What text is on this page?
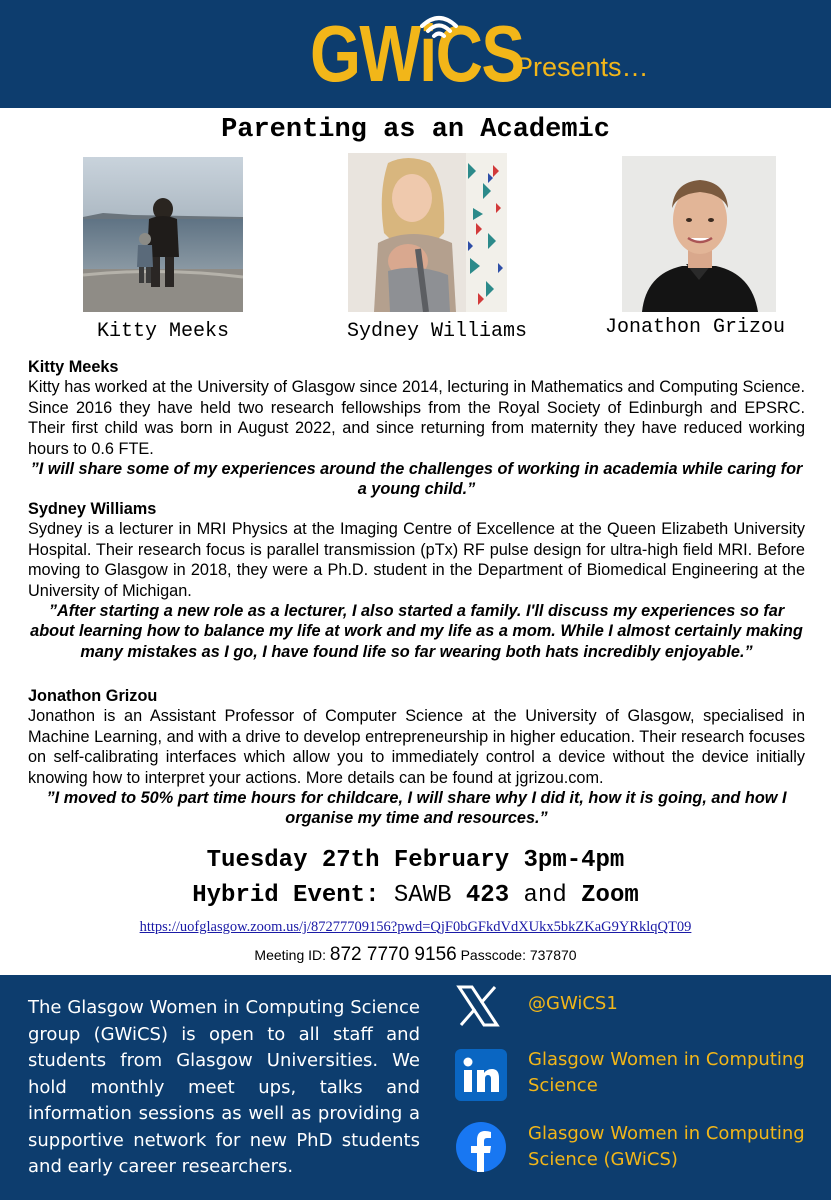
GWiCS
Presents…
Parenting as an Academic
Kitty Meeks	Sydney Williams	Jonathon Grizou
Kitty Meeks
Kitty has worked at the University of Glasgow since 2014, lecturing in Mathematics and Computing Science. Since 2016 they have held two research fellowships from the Royal Society of Edinburgh and EPSRC. Their first child was born in August 2022, and since returning from maternity they have reduced working hours to 0.6 FTE.
”I will share some of my experiences around the challenges of working in academia while caring for a young child.”
Sydney Williams
Sydney is a lecturer in MRI Physics at the Imaging Centre of Excellence at the Queen Elizabeth University Hospital. Their research focus is parallel transmission (pTx) RF pulse design for ultra-high field MRI. Before moving to Glasgow in 2018, they were a Ph.D. student in the Department of Biomedical Engineering at the University of Michigan.
”After starting a new role as a lecturer, I also started a family. I'll discuss my experiences so far about learning how to balance my life at work and my life as a mom. While I almost certainly making many mistakes as I go, I have found life so far wearing both hats incredibly enjoyable.”
Jonathon Grizou
Jonathon is an Assistant Professor of Computer Science at the University of Glasgow, specialised in Machine Learning, and with a drive to develop entrepreneurship in higher education. Their research focuses on self-calibrating interfaces which allow you to immediately control a device without the device initially knowing how to interpret your actions. More details can be found at jgrizou.com.
”I moved to 50% part time hours for childcare, I will share why I did it, how it is going, and how I organise my time and resources.”
Tuesday 27th February 3pm-4pm
Hybrid Event: SAWB 423 and Zoom
https://uofglasgow.zoom.us/j/87277709156?pwd=QjF0bGFkdVdXUkx5bkZKaG9YRklqQT09
Meeting ID: 872 7770 9156 Passcode: 737870
The Glasgow Women in Computing Science group (GWiCS) is open to all staff and students from Glasgow Universities. We hold monthly meet ups, talks and information sessions as well as providing a supportive network for new PhD students and early career researchers.
@GWiCS1
Glasgow Women in Computing
Science
Glasgow Women in Computing
Science (GWiCS)
